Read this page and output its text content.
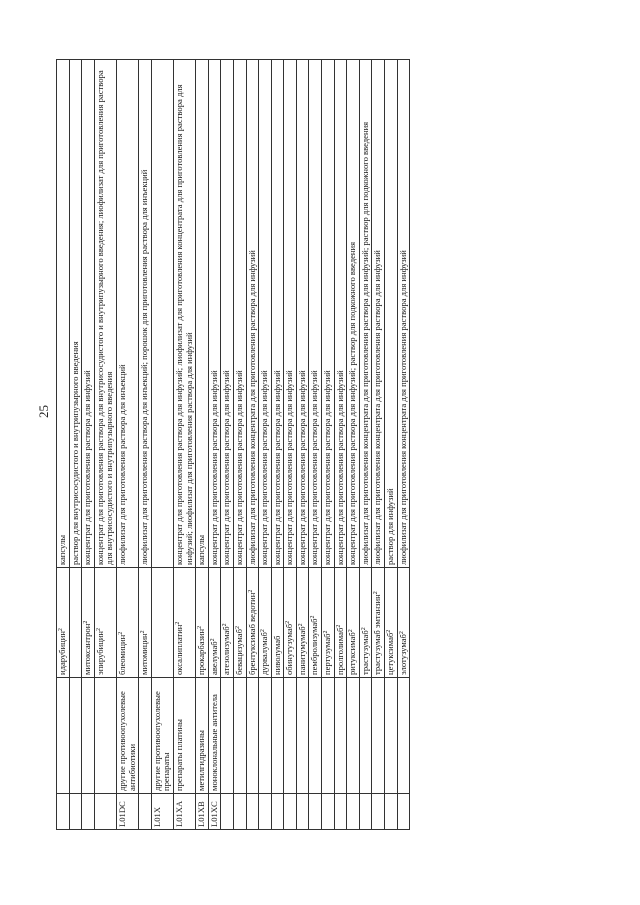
25
		идарубицин$^2$	капсулы
			раствор для внутрисосудистого и внутрипузырного введения
		митоксантрон$^2$	концентрат для приготовления раствора для инфузий
		эпирубицин$^2$	концентрат для приготовления раствора для внутрисосудистого и внутрипузырного введения; лиофилизат для приготовления раствора для внутрисосудистого и внутрипузырного введения
L01DC	другие противоопухолевые антибиотики	блеомицин$^2$	лиофилизат для приготовления раствора для инъекций
		митомицин$^2$	лиофилизат для приготовления раствора для инъекций; порошок для приготовления раствора для инъекций
L01X	другие противоопухолевые препараты		
L01XA	препараты платины	оксалиплатин$^2$	концентрат для приготовления раствора для инфузий; лиофилизат для приготовления концентрата для приготовления раствора для инфузий; лиофилизат для приготовления раствора для инфузий
L01XB	метилгидразины	прокарбазин$^2$	капсулы
L01XC	моноклональные антитела	авелумаб$^2$	концентрат для приготовления раствора для инфузий
		атезолизумаб$^2$	концентрат для приготовления раствора для инфузий
		бевацизумаб$^2$	концентрат для приготовления раствора для инфузий
		брентуксимаб ведотин$^2$	лиофилизат для приготовления концентрата для приготовления раствора для инфузий
		дурвалумаб$^2$	концентрат для приготовления раствора для инфузий
		ниволумаб	концентрат для приготовления раствора для инфузий
		обинутузумаб$^2$	концентрат для приготовления раствора для инфузий
		панитумумаб$^2$	концентрат для приготовления раствора для инфузий
		пембролизумаб$^2$	концентрат для приготовления раствора для инфузий
		пертузумаб$^2$	концентрат для приготовления раствора для инфузий
		пролголимаб$^2$	концентрат для приготовления раствора для инфузий
		ритуксимаб$^2$	концентрат для приготовления раствора для инфузий; раствор для подкожного введения
		трастузумаб$^2$	лиофилизат для приготовления концентрата для приготовления раствора для инфузий; раствор для подкожного введения
		трастузумаб эмтанзин$^2$	лиофилизат для приготовления концентрата для приготовления раствора для инфузий
		цетуксимаб$^2$	раствор для инфузий
		элотузумаб$^2$	лиофилизат для приготовления концентрата для приготовления раствора для инфузий
